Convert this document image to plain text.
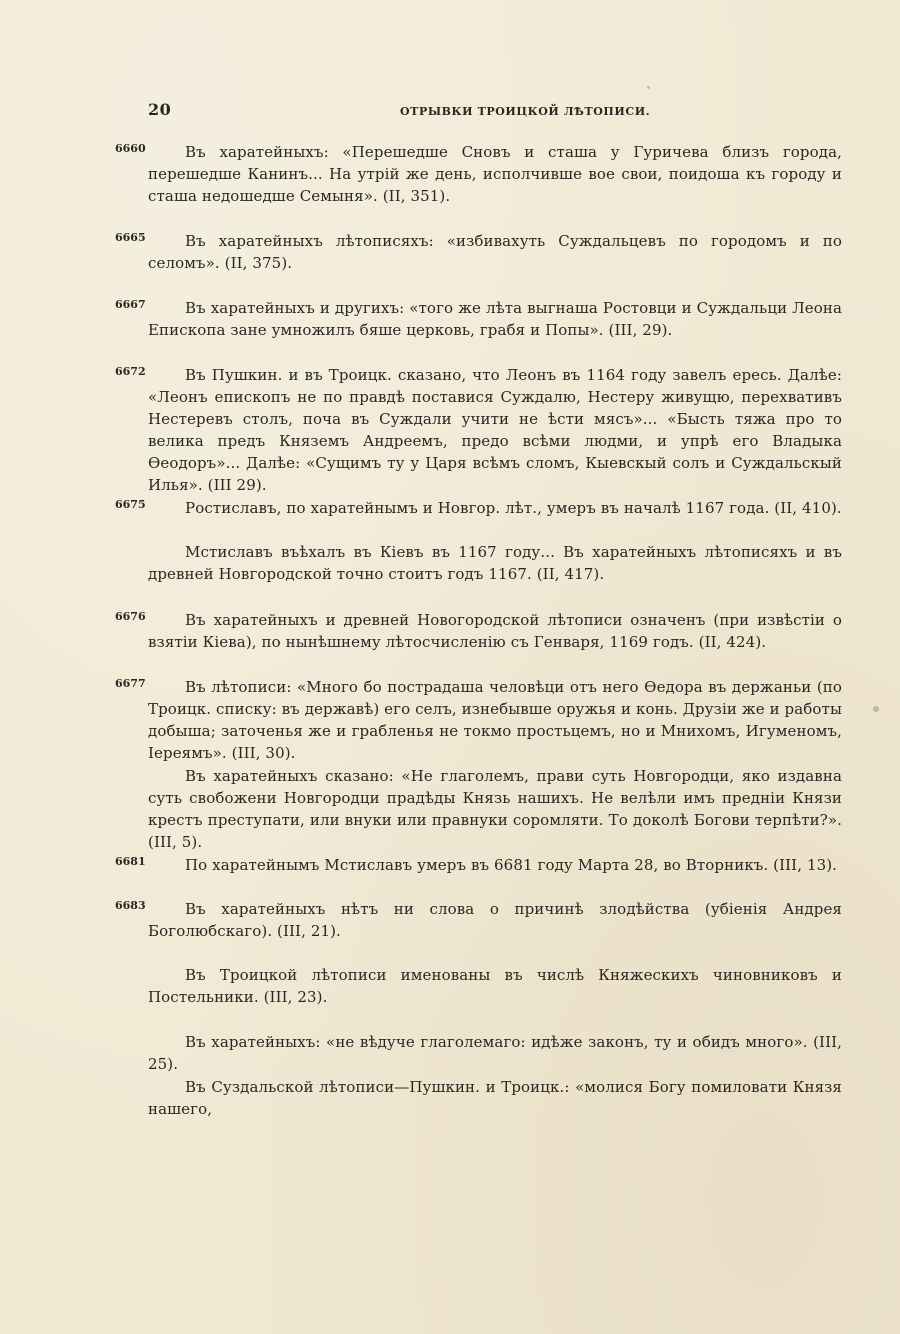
20	ОТРЫВКИ ТРОИЦКОЙ ЛѢТОПИСИ.
6660	Въ харатейныхъ: «Перешедше Сновъ и сташа у Гуричева близъ города, перешедше Канинъ... На утрій же день, исполчивше вое свои, поидоша къ городу и сташа недошедше Семыня». (II, 351).

6665	Въ харатейныхъ лѣтописяхъ: «избивахуть Суждальцевъ по городомъ и по селомъ». (II, 375).

6667	Въ харатейныхъ и другихъ: «того же лѣта выгнаша Ростовци и Суждальци Леона Епископа зане умножилъ бяше церковь, грабя и Попы». (III, 29).

6672	Въ Пушкин. и въ Троицк. сказано, что Леонъ въ 1164 году завелъ ересь. Далѣе: «Леонъ епископъ не по правдѣ поставися Суждалю, Нестеру живущю, перехвативъ Нестеревъ столъ, поча въ Суждали учити не ѣсти мясъ»... «Бысть тяжа про то велика предъ Княземъ Андреемъ, предо всѣми людми, и упрѣ его Владыка Өеодоръ»... Далѣе: «Сущимъ ту у Царя всѣмъ сломъ, Кыевскый солъ и Суждальскый Илья». (III 29).

6675	Ростиславъ, по харатейнымъ и Новгор. лѣт., умеръ въ началѣ 1167 года. (II, 410).

Мстиславъ въѣхалъ въ Кіевъ въ 1167 году... Въ харатейныхъ лѣтописяхъ и въ древней Новгородской точно стоитъ годъ 1167. (II, 417).

6676	Въ харатейныхъ и древней Новогородской лѣтописи означенъ (при извѣстіи о взятіи Кіева), по нынѣшнему лѣтосчисленію съ Генваря, 1169 годъ. (II, 424).

6677	Въ лѣтописи: «Много бо пострадаша человѣци отъ него Өедора въ держаньи (по Троицк. списку: въ державѣ) его селъ, изнебывше оружья и конь. Друзіи же и работы добыша; заточенья же и грабленья не токмо простьцемъ, но и Мнихомъ, Игуменомъ, Іереямъ». (III, 30).

Въ харатейныхъ сказано: «Не глаголемъ, прави суть Новгородци, яко издавна суть свобожени Новгородци прадѣды Князь нашихъ. Не велѣли имъ предніи Князи крестъ преступати, или внуки или правнуки соромляти. То доколѣ Богови терпѣти?». (III, 5).

6681	По харатейнымъ Мстиславъ умеръ въ 6681 году Марта 28, во Вторникъ. (III, 13).

6683	Въ харатейныхъ нѣтъ ни слова о причинѣ злодѣйства (убіенія Андрея Боголюбскаго). (III, 21).

Въ Троицкой лѣтописи именованы въ числѣ Княжескихъ чиновниковъ и Постельники. (III, 23).

Въ харатейныхъ: «не вѣдуче глаголемаго: идѣже законъ, ту и обидъ много». (III, 25).

Въ Суздальской лѣтописи—Пушкин. и Троицк.: «молися Богу помиловати Князя нашего,
